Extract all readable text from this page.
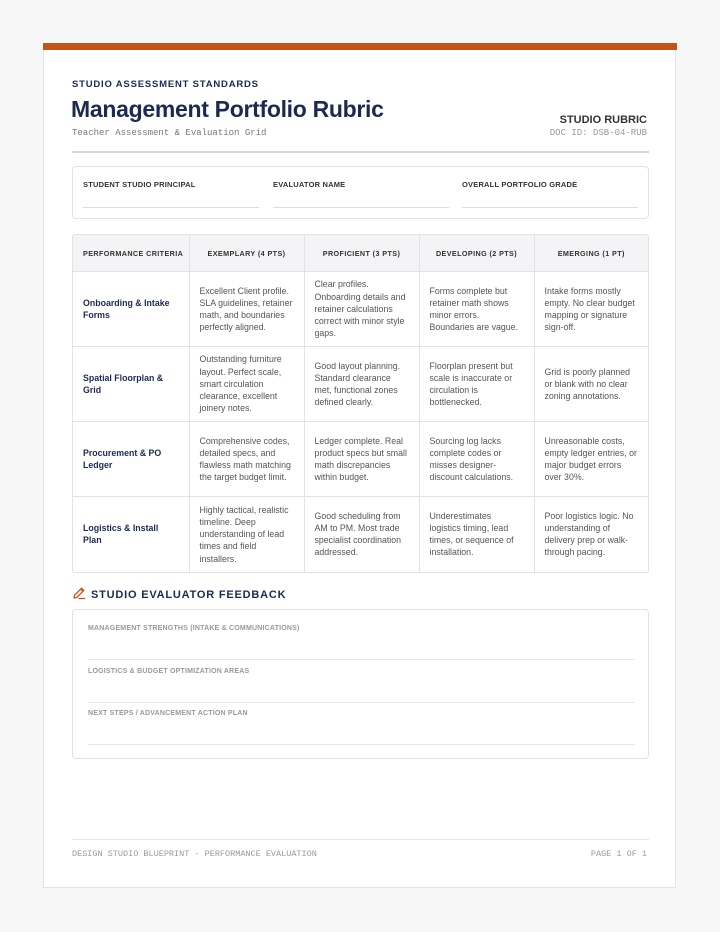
STUDIO ASSESSMENT STANDARDS
Management Portfolio Rubric
Teacher Assessment & Evaluation Grid
STUDIO RUBRIC
DOC ID: DSB-04-RUB
STUDENT STUDIO PRINCIPAL	EVALUATOR NAME	OVERALL PORTFOLIO GRADE
PERFORMANCE CRITERIA	EXEMPLARY (4 PTS)	PROFICIENT (3 PTS)	DEVELOPING (2 PTS)	EMERGING (1 PT)
Onboarding & Intake Forms	Excellent Client profile. SLA guidelines, retainer math, and boundaries perfectly aligned.	Clear profiles. Onboarding details and retainer calculations correct with minor style gaps.	Forms complete but retainer math shows minor errors. Boundaries are vague.	Intake forms mostly empty. No clear budget mapping or signature sign-off.
Spatial Floorplan & Grid	Outstanding furniture layout. Perfect scale, smart circulation clearance, excellent joinery notes.	Good layout planning. Standard clearance met, functional zones defined clearly.	Floorplan present but scale is inaccurate or circulation is bottlenecked.	Grid is poorly planned or blank with no clear zoning annotations.
Procurement & PO Ledger	Comprehensive codes, detailed specs, and flawless math matching the target budget limit.	Ledger complete. Real product specs but small math discrepancies within budget.	Sourcing log lacks complete codes or misses designer-discount calculations.	Unreasonable costs, empty ledger entries, or major budget errors over 30%.
Logistics & Install Plan	Highly tactical, realistic timeline. Deep understanding of lead times and field installers.	Good scheduling from AM to PM. Most trade specialist coordination addressed.	Underestimates logistics timing, lead times, or sequence of installation.	Poor logistics logic. No understanding of delivery prep or walk-through pacing.
STUDIO EVALUATOR FEEDBACK
MANAGEMENT STRENGTHS (INTAKE & COMMUNICATIONS)
LOGISTICS & BUDGET OPTIMIZATION AREAS
NEXT STEPS / ADVANCEMENT ACTION PLAN
DESIGN STUDIO BLUEPRINT - PERFORMANCE EVALUATION	PAGE 1 OF 1
